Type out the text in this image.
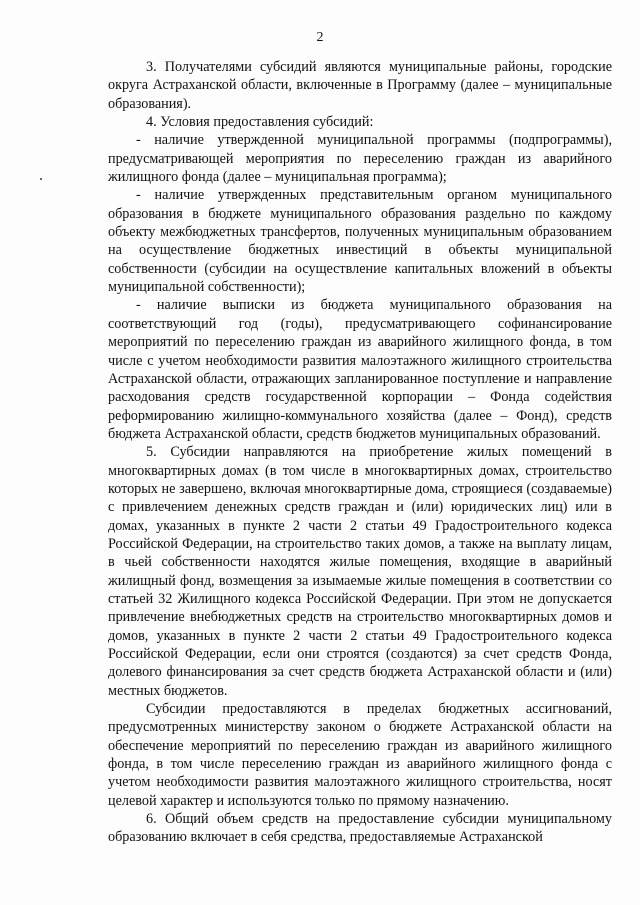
2

3. Получателями субсидий являются муниципальные районы, городские округа Астраханской области, включенные в Программу (далее – муниципальные образования).

4. Условия предоставления субсидий:

- наличие утвержденной муниципальной программы (подпрограммы), предусматривающей мероприятия по переселению граждан из аварийного жилищного фонда (далее – муниципальная программа);

- наличие утвержденных представительным органом муниципального образования в бюджете муниципального образования раздельно по каждому объекту межбюджетных трансфертов, полученных муниципальным образованием на осуществление бюджетных инвестиций в объекты муниципальной собственности (субсидии на осуществление капитальных вложений в объекты муниципальной собственности);

- наличие выписки из бюджета муниципального образования на соответствующий год (годы), предусматривающего софинансирование мероприятий по переселению граждан из аварийного жилищного фонда, в том числе с учетом необходимости развития малоэтажного жилищного строительства Астраханской области, отражающих запланированное поступление и направление расходования средств государственной корпорации – Фонда содействия реформированию жилищно-коммунального хозяйства (далее – Фонд), средств бюджета Астраханской области, средств бюджетов муниципальных образований.

5. Субсидии направляются на приобретение жилых помещений в многоквартирных домах (в том числе в многоквартирных домах, строительство которых не завершено, включая многоквартирные дома, строящиеся (создаваемые) с привлечением денежных средств граждан и (или) юридических лиц) или в домах, указанных в пункте 2 части 2 статьи 49 Градостроительного кодекса Российской Федерации, на строительство таких домов, а также на выплату лицам, в чьей собственности находятся жилые помещения, входящие в аварийный жилищный фонд, возмещения за изымаемые жилые помещения в соответствии со статьей 32 Жилищного кодекса Российской Федерации. При этом не допускается привлечение внебюджетных средств на строительство многоквартирных домов и домов, указанных в пункте 2 части 2 статьи 49 Градостроительного кодекса Российской Федерации, если они строятся (создаются) за счет средств Фонда, долевого финансирования за счет средств бюджета Астраханской области и (или) местных бюджетов.

Субсидии предоставляются в пределах бюджетных ассигнований, предусмотренных министерству законом о бюджете Астраханской области на обеспечение мероприятий по переселению граждан из аварийного жилищного фонда, в том числе переселению граждан из аварийного жилищного фонда с учетом необходимости развития малоэтажного жилищного строительства, носят целевой характер и используются только по прямому назначению.

6. Общий объем средств на предоставление субсидии муниципальному образованию включает в себя средства, предоставляемые Астраханской
